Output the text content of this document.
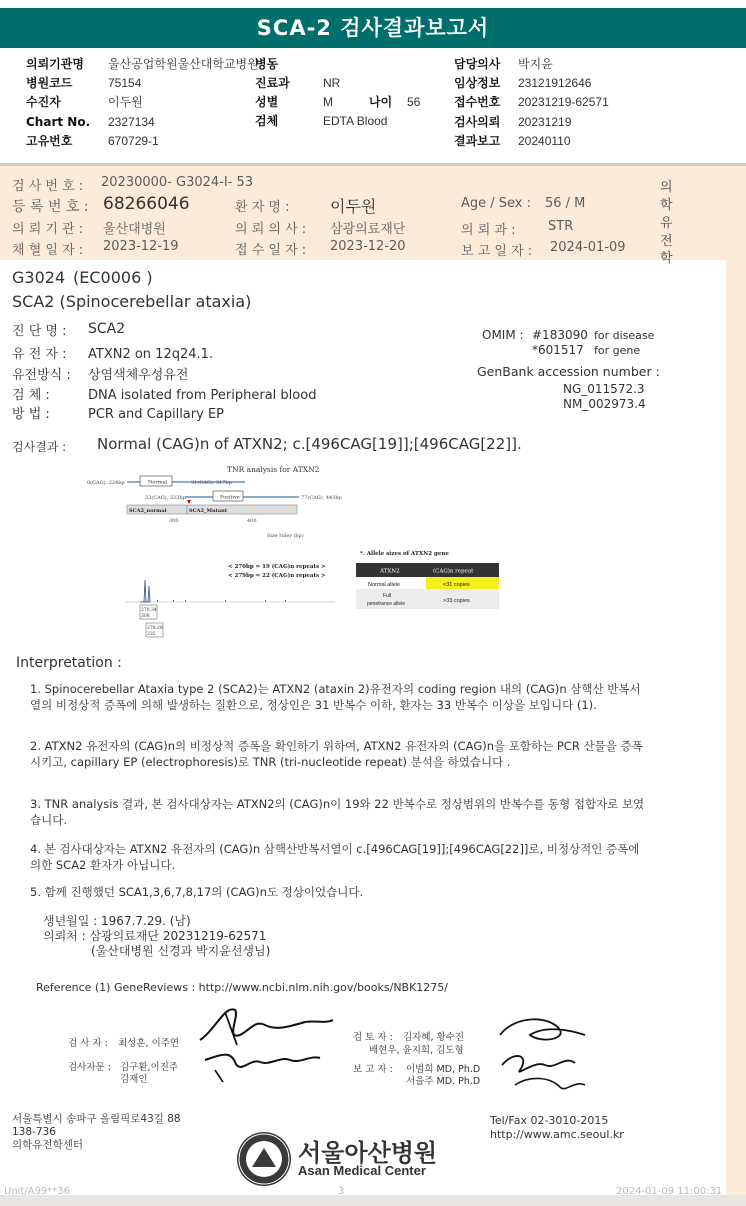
SCA-2 검사결과보고서
의뢰기관명 울산공업학원울산대학교병원
병원코드	75154
수진자	이두원
Chart No. 2327134
고유번호	670729-1
병동
진료과	NR
성별	M	나이 56
검체	EDTA Blood
담당의사 박지윤
임상정보 23121912646
접수번호 20231219-62571
검사의뢰 20231219
결과보고 20240110
검 사 번 호 : 20230000- G3024-I- 53
등 록 번 호 : 68266046	환 자 명 :	이두원	Age / Sex : 56 / M
의 뢰 기 관 : 울산대병원	의 뢰 의 사 : 삼광의료재단	의 뢰 과 :	STR
채 혈 일 자 : 2023-12-19	접 수 일 자 : 2023-12-20	보 고 일 자 : 2024-01-09
의
학
유
전
학
G3024 (EC0006 )
SCA2 (Spinocerebellar ataxia)
진 단 명 : SCA2
유 전 자 : ATXN2 on 12q24.1.
유전방식 : 상염색체우성유전
검 체 :	DNA isolated from Peripheral blood
방 법 :	PCR and Capillary EP
OMIM : #183090 for disease
*601517 for gene
GenBank accession number :
NG_011572.3
NM_002973.4
검사결과 : Normal (CAG)n of ATXN2; c.[496CAG[19]];[496CAG[22]].
TNR analysis for ATXN2
0(CAG), 224bp	Normal	31(CAG), 317bp
33(CAG), 323bp	Positive	77(CAG), 443bp
SCA2_normal	SCA2_Mutant
300	400
Size ruler (bp)
< 270bp = 19 (CAG)n repeats >
< 279bp = 22 (CAG)n repeats >
270.34
308
279.28
235
*. Allele sizes of ATXN2 gene
ATXN2	(CAG)n repeat
Normal allele	<31 copies
Full
penetrance allele	>33 copies
Interpretation :
1. Spinocerebellar Ataxia type 2 (SCA2)는 ATXN2 (ataxin 2)유전자의 coding region 내의 (CAG)n 삼핵산 반복서열의 비정상적 증폭에 의해 발생하는 질환으로, 정상인은 31 반복수 이하, 환자는 33 반복수 이상을 보입니다 (1).
2. ATXN2 유전자의 (CAG)n의 비정상적 증폭을 확인하기 위하여, ATXN2 유전자의 (CAG)n을 포함하는 PCR 산물을 증폭시키고, capillary EP (electrophoresis)로 TNR (tri-nucleotide repeat) 분석을 하였습니다 .
3. TNR analysis 결과, 본 검사대상자는 ATXN2의 (CAG)n이 19와 22 반복수로 정상범위의 반복수를 동형 접합자로 보였습니다.
4. 본 검사대상자는 ATXN2 유전자의 (CAG)n 삼핵산반복서열이 c.[496CAG[19]];[496CAG[22]]로, 비정상적인 증폭에 의한 SCA2 환자가 아닙니다.
5. 함께 진행했던 SCA1,3,6,7,8,17의 (CAG)n도 정상이었습니다.
생년월일 : 1967.7.29. (남)
의뢰처 : 삼광의료재단 20231219-62571
(울산대병원 신경과 박지윤선생님)
Reference (1) GeneReviews : http://www.ncbi.nlm.nih.gov/books/NBK1275/
검 사 자 : 최성훈, 이주연
검사자문 : 김구환,이진주
김재인
검 토 자 : 김자혜, 황수진
배현우, 윤지희, 김도형
보 고 자 : 이범희 MD, Ph.D
서을주 MD. Ph.D
서울특별시 송파구 올림픽로43길 88
138-736
의학유전학센터
Tel/Fax 02-3010-2015
http://www.amc.seoul.kr
서울아산병원
Asan Medical Center
Unit/A99**36	3	2024-01-09 11:00:31
